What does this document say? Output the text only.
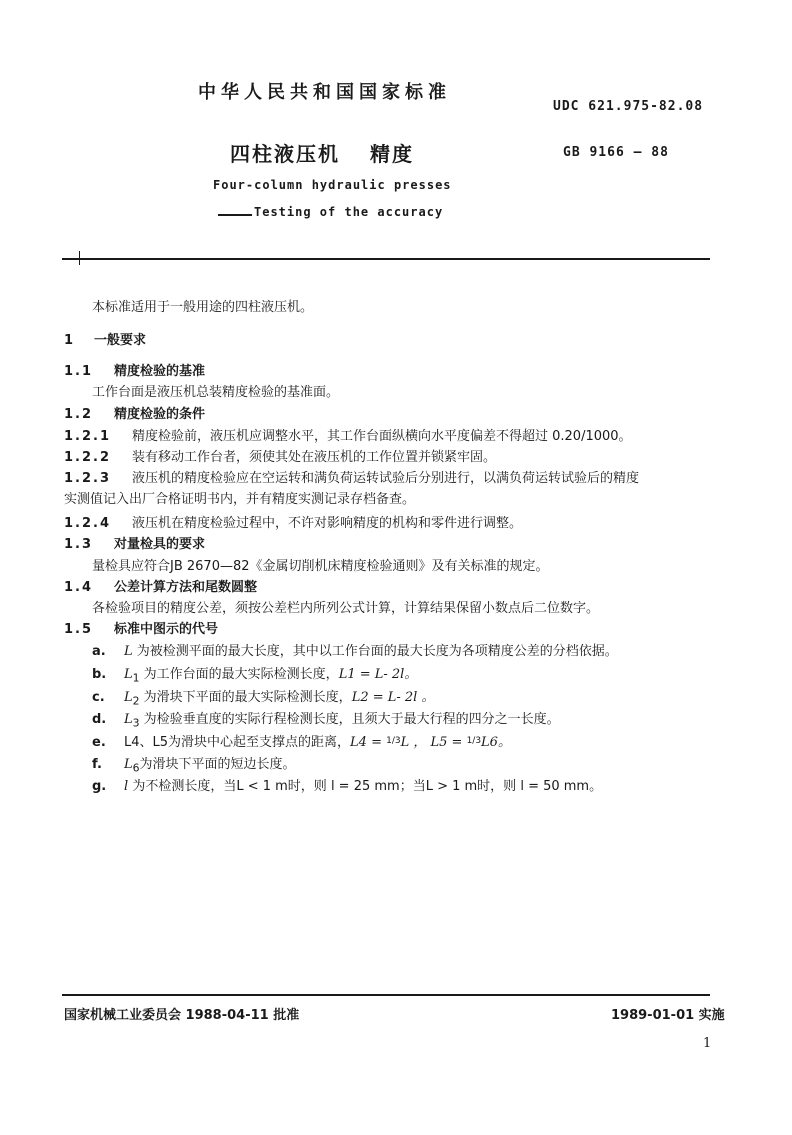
中华人民共和国国家标准
UDC 621.975-82.08
四柱液压机 精度	GB 9166 — 88
Four-column hydraulic presses
Testing of the accuracy
本标准适用于一般用途的四柱液压机。
1 一般要求
1.1 精度检验的基准
工作台面是液压机总装精度检验的基准面。
1.2 精度检验的条件
1.2.1 精度检验前，液压机应调整水平，其工作台面纵横向水平度偏差不得超过 0.20/1000。
1.2.2 装有移动工作台者，须使其处在液压机的工作位置并锁紧牢固。
1.2.3 液压机的精度检验应在空运转和满负荷运转试验后分别进行，以满负荷运转试验后的精度
实测值记入出厂合格证明书内，并有精度实测记录存档备查。
1.2.4 液压机在精度检验过程中，不许对影响精度的机构和零件进行调整。
1.3 对量检具的要求
量检具应符合JB 2670—82《金属切削机床精度检验通则》及有关标准的规定。
1.4 公差计算方法和尾数圆整
各检验项目的精度公差，须按公差栏内所列公式计算，计算结果保留小数点后二位数字。
1.5 标准中图示的代号
a. L 为被检测平面的最大长度，其中以工作台面的最大长度为各项精度公差的分档依据。
b. $L_1$ 为工作台面的最大实际检测长度，L1 = L- 2l。
c. $L_2$ 为滑块下平面的最大实际检测长度，L2 = L- 2l 。
d. $L_3$ 为检验垂直度的实际行程检测长度，且须大于最大行程的四分之一长度。
e. L4、L5为滑块中心起至支撑点的距离，L4 = $^{1/3}$L ， L5 = $^{1/3}$L6。
f. $L_6$为滑块下平面的短边长度。
g. l 为不检测长度，当L < 1 m时，则 l = 25 mm；当L > 1 m时，则 l = 50 mm。
国家机械工业委员会 1988-04-11 批准	1989-01-01 实施
1
